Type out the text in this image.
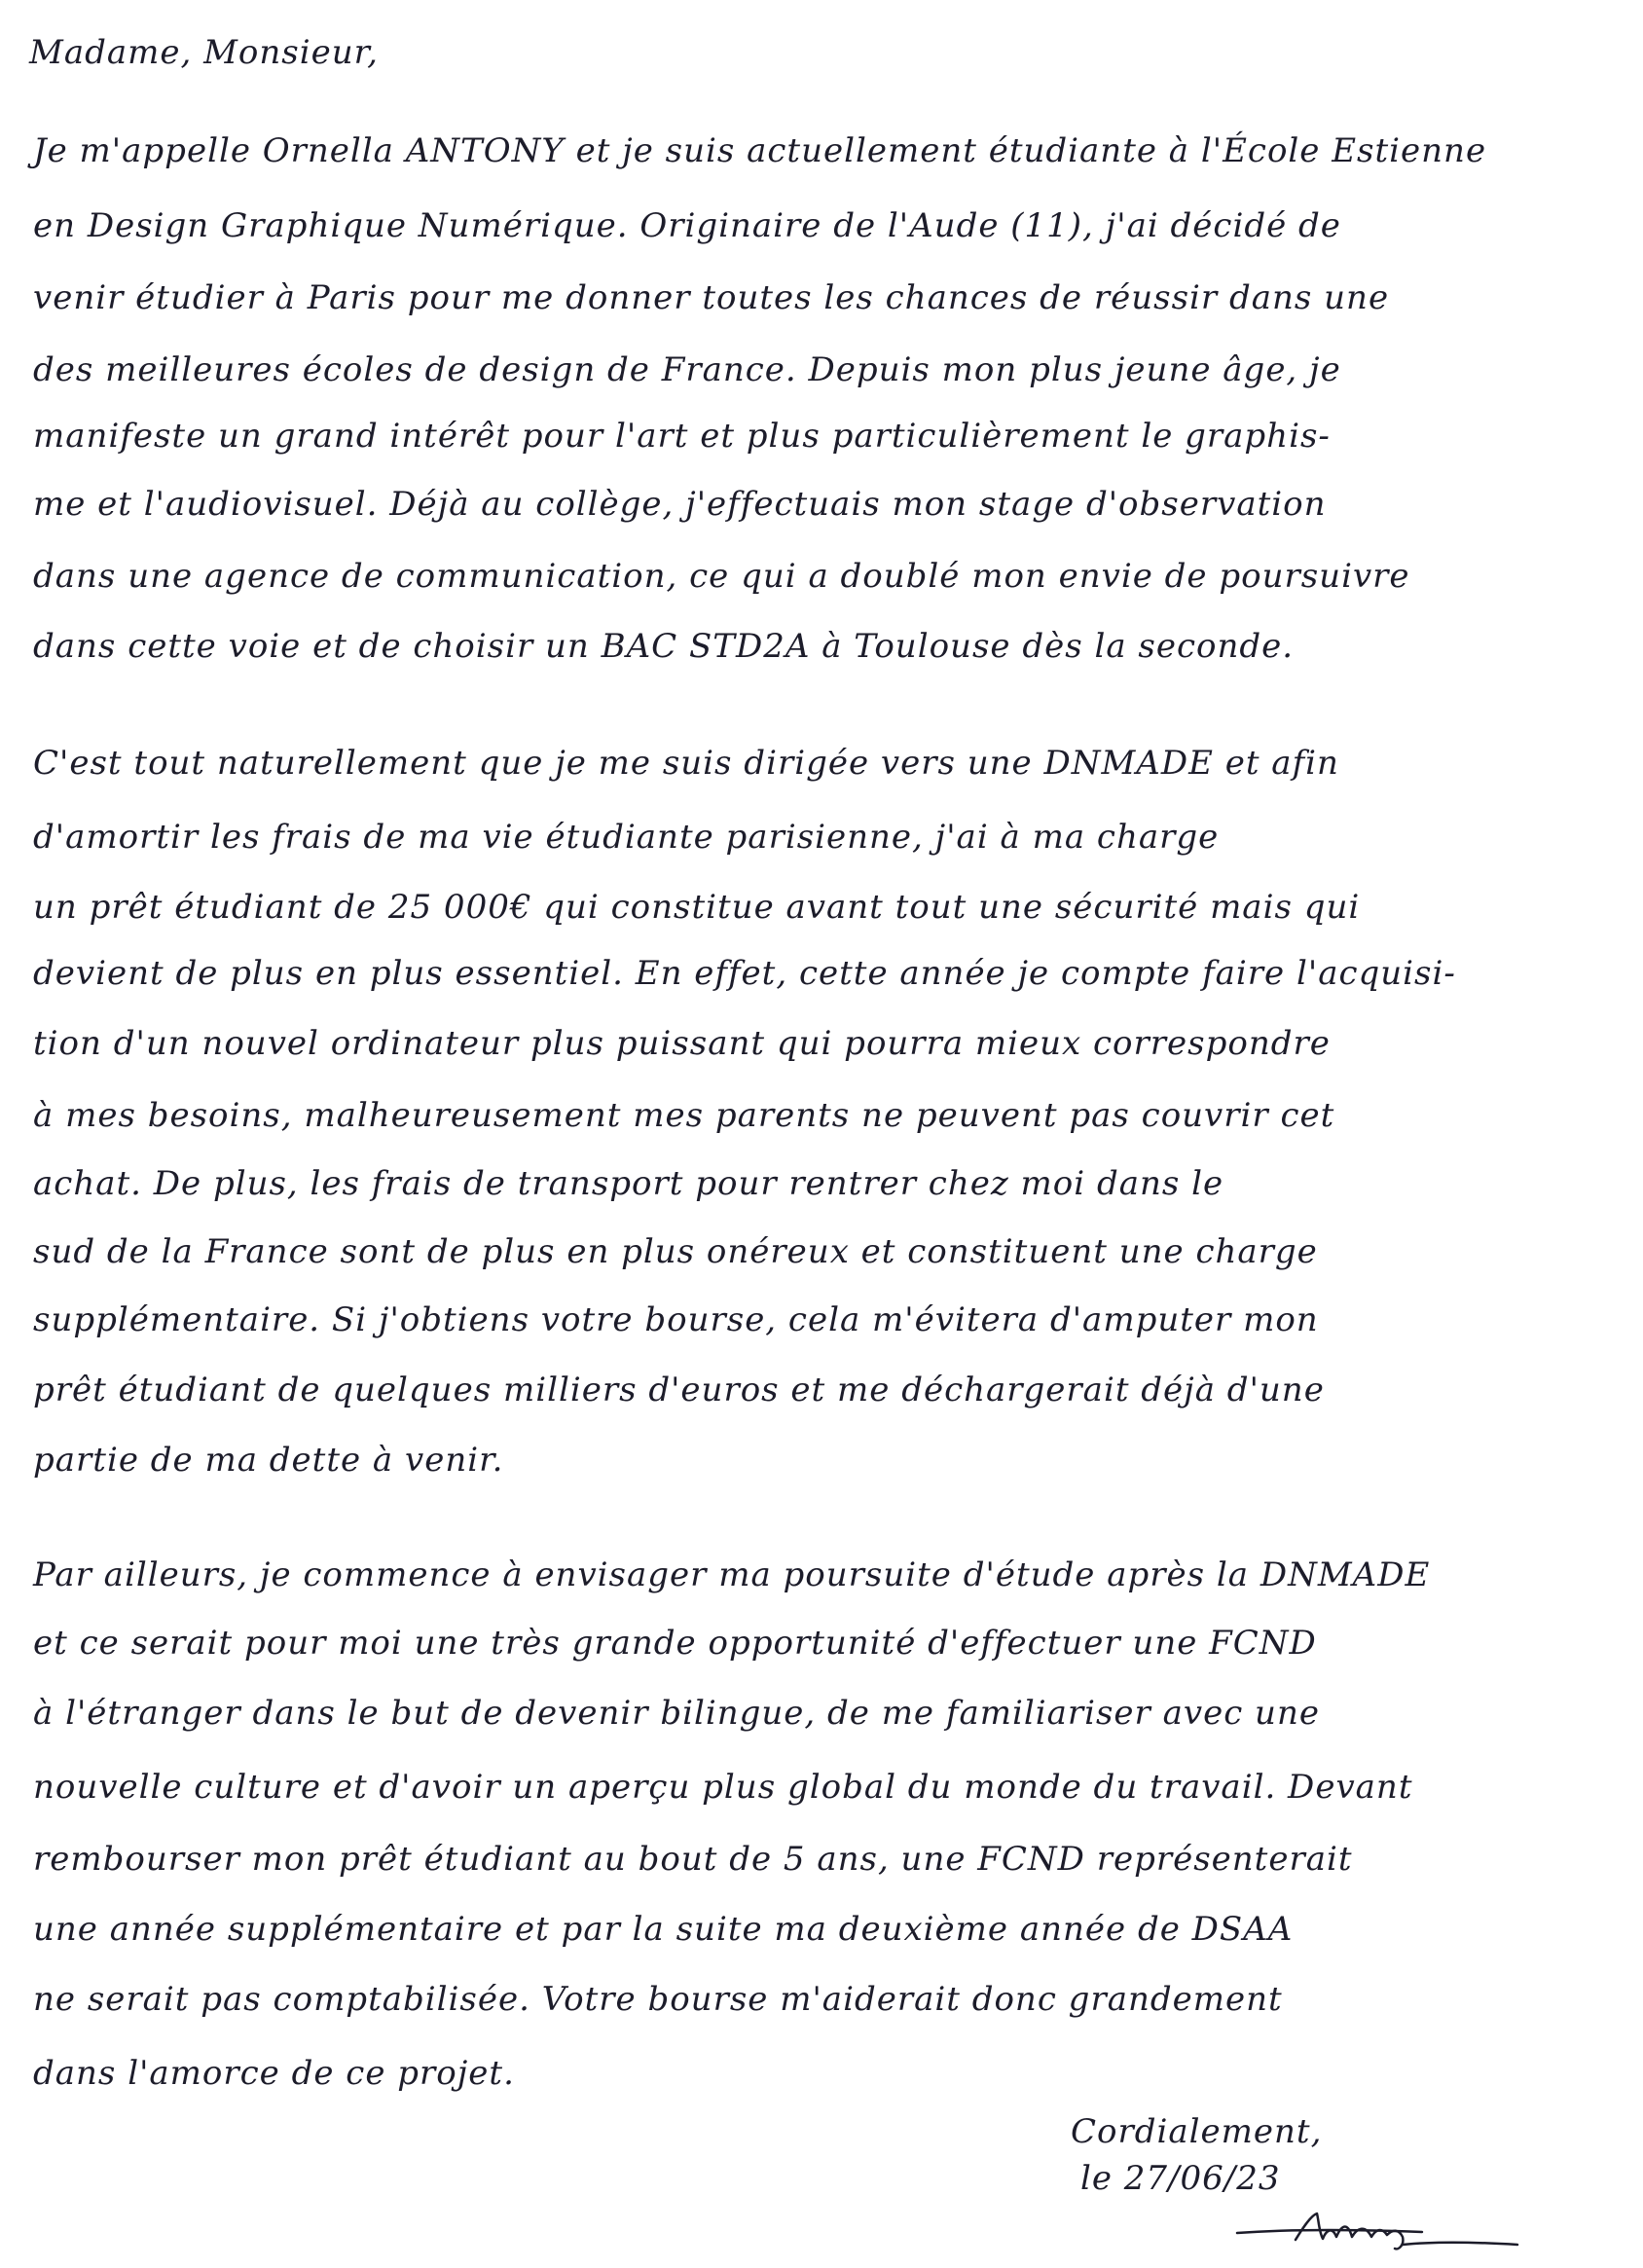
Madame, Monsieur,
Je m'appelle Ornella ANTONY et je suis actuellement étudiante à l'École Estienne
en Design Graphique Numérique. Originaire de l'Aude (11), j'ai décidé de
venir étudier à Paris pour me donner toutes les chances de réussir dans une
des meilleures écoles de design de France. Depuis mon plus jeune âge, je
manifeste un grand intérêt pour l'art et plus particulièrement le graphis-
me et l'audiovisuel. Déjà au collège, j'effectuais mon stage d'observation
dans une agence de communication, ce qui a doublé mon envie de poursuivre
dans cette voie et de choisir un BAC STD2A à Toulouse dès la seconde.
C'est tout naturellement que je me suis dirigée vers une DNMADE et afin
d'amortir les frais de ma vie étudiante parisienne, j'ai à ma charge
un prêt étudiant de 25 000€ qui constitue avant tout une sécurité mais qui
devient de plus en plus essentiel. En effet, cette année je compte faire l'acquisi-
tion d'un nouvel ordinateur plus puissant qui pourra mieux correspondre
à mes besoins, malheureusement mes parents ne peuvent pas couvrir cet
achat. De plus, les frais de transport pour rentrer chez moi dans le
sud de la France sont de plus en plus onéreux et constituent une charge
supplémentaire. Si j'obtiens votre bourse, cela m'évitera d'amputer mon
prêt étudiant de quelques milliers d'euros et me déchargerait déjà d'une
partie de ma dette à venir.
Par ailleurs, je commence à envisager ma poursuite d'étude après la DNMADE
et ce serait pour moi une très grande opportunité d'effectuer une FCND
à l'étranger dans le but de devenir bilingue, de me familiariser avec une
nouvelle culture et d'avoir un aperçu plus global du monde du travail. Devant
rembourser mon prêt étudiant au bout de 5 ans, une FCND représenterait
une année supplémentaire et par la suite ma deuxième année de DSAA
ne serait pas comptabilisée. Votre bourse m'aiderait donc grandement
dans l'amorce de ce projet.
Cordialement,
le 27/06/23
